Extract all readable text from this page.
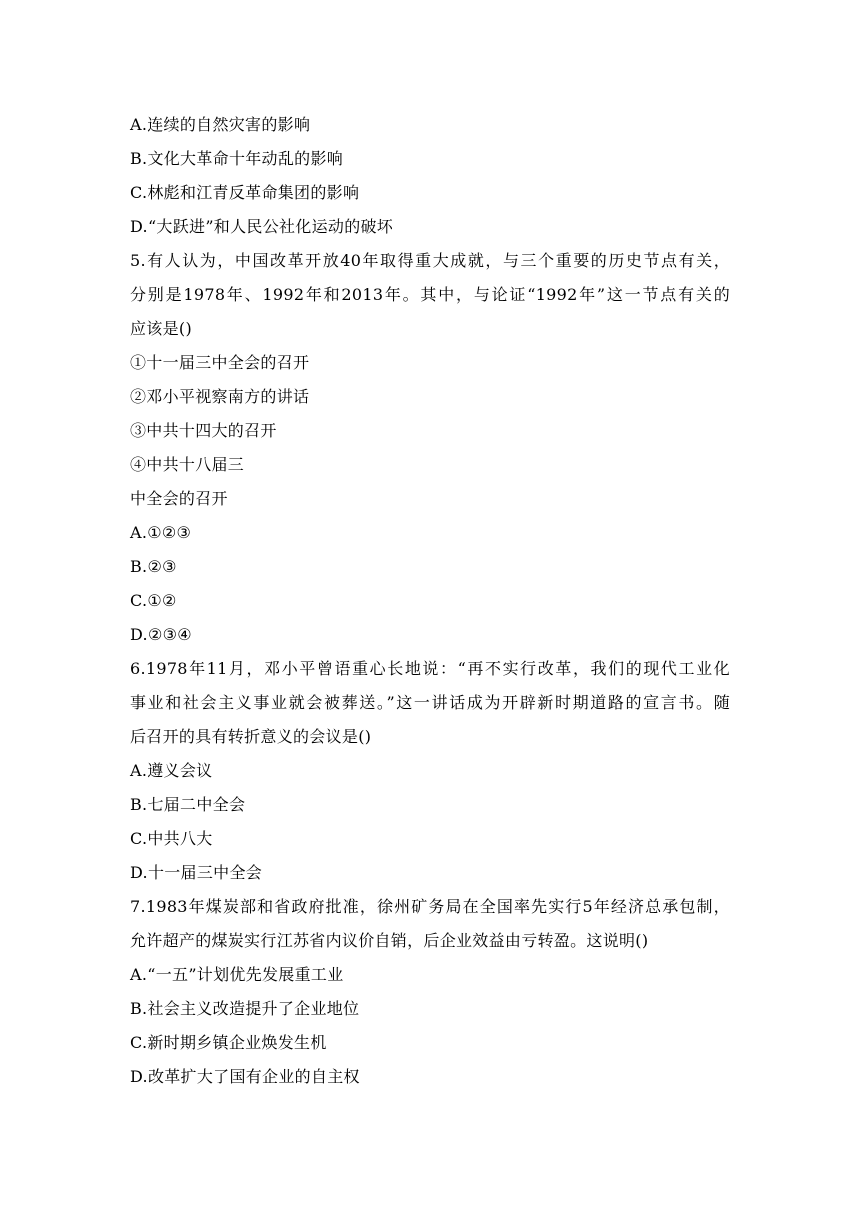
A.连续的自然灾害的影响
B.文化大革命十年动乱的影响
C.林彪和江青反革命集团的影响
D.“大跃进”和人民公社化运动的破坏
5.有人认为，中国改革开放40年取得重大成就，与三个重要的历史节点有关，
分别是1978年、1992年和2013年。其中，与论证“1992年”这一节点有关的
应该是()
①十一届三中全会的召开
②邓小平视察南方的讲话
③中共十四大的召开
④中共十八届三
中全会的召开
A.①②③
B.②③
C.①②
D.②③④
6.1978年11月，邓小平曾语重心长地说：“再不实行改革，我们的现代工业化
事业和社会主义事业就会被葬送。”这一讲话成为开辟新时期道路的宣言书。随
后召开的具有转折意义的会议是()
A.遵义会议
B.七届二中全会
C.中共八大
D.十一届三中全会
7.1983年煤炭部和省政府批准，徐州矿务局在全国率先实行5年经济总承包制，
允许超产的煤炭实行江苏省内议价自销，后企业效益由亏转盈。这说明()
A.“一五”计划优先发展重工业
B.社会主义改造提升了企业地位
C.新时期乡镇企业焕发生机
D.改革扩大了国有企业的自主权
